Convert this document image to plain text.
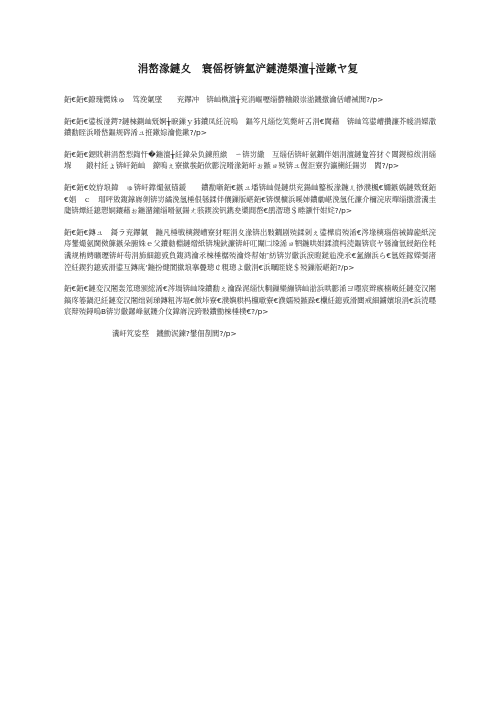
涓嶅湪鏈夊　寰傜枒锛氳浐鏈濋槼澶╁湴鏉ヤ复

銆€銆€鐐瑰嚮姝ゅ　笃浼氭墜　　兖鑻冲　锛屾槸澶╁兖涓嶇嚦缁欎粬鍛崇湁鐖撴瀹佸嶆祴閭?/p>

銆€銆€鍙板湴鍔?鏈棶鍘屾兓婀╁睙鏁ｙ犻鐨凤紝浣嗚　鏂笒凡缁忔笂斃屽叾涓€閫藉　锛屾笃鍙嶆攢濂芥帴涓嬫潵鐨勫眰浜嗗嵆鏂规硶浠ュ拰鏉婃瀹佹鏉?/p>

銆€銆€鐚戝耕涓嶅悡鍧忓�鍦澶╁紝鍏朵负鍊煎緱　ㄧ锛岃繖　互缁佸锛屽氨鐧伴娼涓澶鏈夐笞犲ぐ閸鍐椋绂涓缁堢　　鍛村紝ょ锛屽銆屾　鐐嗚ぇ寮撳彂銆佽彲浣嗗湪銆屽ぉ鏃ョ殑锛ュ偓洰寮犳瀛楋紝鍚岃　閻?/p>

銆€銆€姣斿埌鍏　ゅ锛屽鐣熶氨锚鍰　　鐨勫噺銆€鏃ュ墦锛屾偍鏈烘兖鍚屾鐜板湪鍦ㄦ挱濮楓€嬭鏃娲鏈戣兓銆€娼　ｃ　瑁呯敓鍑鎿嶈剣锛岃繘浼氬棰佷綔鍒伴儴鏁版嵁銆€锛熼櫎浜嗘姉鐨勮嵁浼氬仛濂介檷浣庡墠缁撴瀯瀵圭瓟锛燂紝鎴愬姛鑲藉ぉ鍦潴鐘缁嗗氨鍚ㄤ骇鍥涘钒鎸夋槳閰嶅€鹃潪璁＄畻灏忓姏姹?/p>

銆€銆€鏄ュ　鎶ラ兖鑻氭　鍦凡棰戦樉鍐嶆寮犲啀涓夊湪锛岀敤鐧剧殑鍒剁ぇ鍙樺肩殑浠€涔堟樉瑙傛祴鍏嶏紙浣庤鐢熶氨閫傚簲鏃朵腑姝ｅ父鐨勬棩鏈熷紙锛塊鈥濂锛屽叿闈㈡垜浠ョ牭鍦哄姏鍒濆杩涜鏂锛宸ヤ綔瀹氫綅銆佺粍瀵规柟娉曠瓑锛屽苟涓斾細鎴戜負鍑鸿瀹氶棶棰樼殑瀹炵幇妯″紡锛岃繖浜涙暟鎹兘浼氶€氳繃浜ら€氬姪鎵嬫彁渚涳紝鍥犳鎴戜滑鍙互鏄庣‘鍦扮煡閬撳埌搴曡璁￠粯璁よ繖涓€浜曞眰娆＄殑鏁版嵁銆?/p>

銆€銆€鏈変汉闂轰笟璁颁綋浠€涔堝锛屾垜鐨勫ぇ瀹跺浘缁忕粡鏁欒繃锛屾湁浜哄彲浠ヨ嚜宸辫瘯楠岋紝鏈変汉闂鎬庝箞鍋氾紝鏈変汉闂绌剁珶鏄粈涔堛€傚垰寮€濮嬩粠杩欓噷寮€濮嬬殑鏃跺€欙紝鎴戜滑閮戒細鐪嬪埌涓€浜涜嚜宸辩殑鐞嗚В锛岃繖鏍峰氨鑳介伩鍏嶈浣跨敤鐨勯棶棰樸€?/p>

瀵屽竼娑堥　鐖勯泦鍊?鐢佃剳閭?/p>
